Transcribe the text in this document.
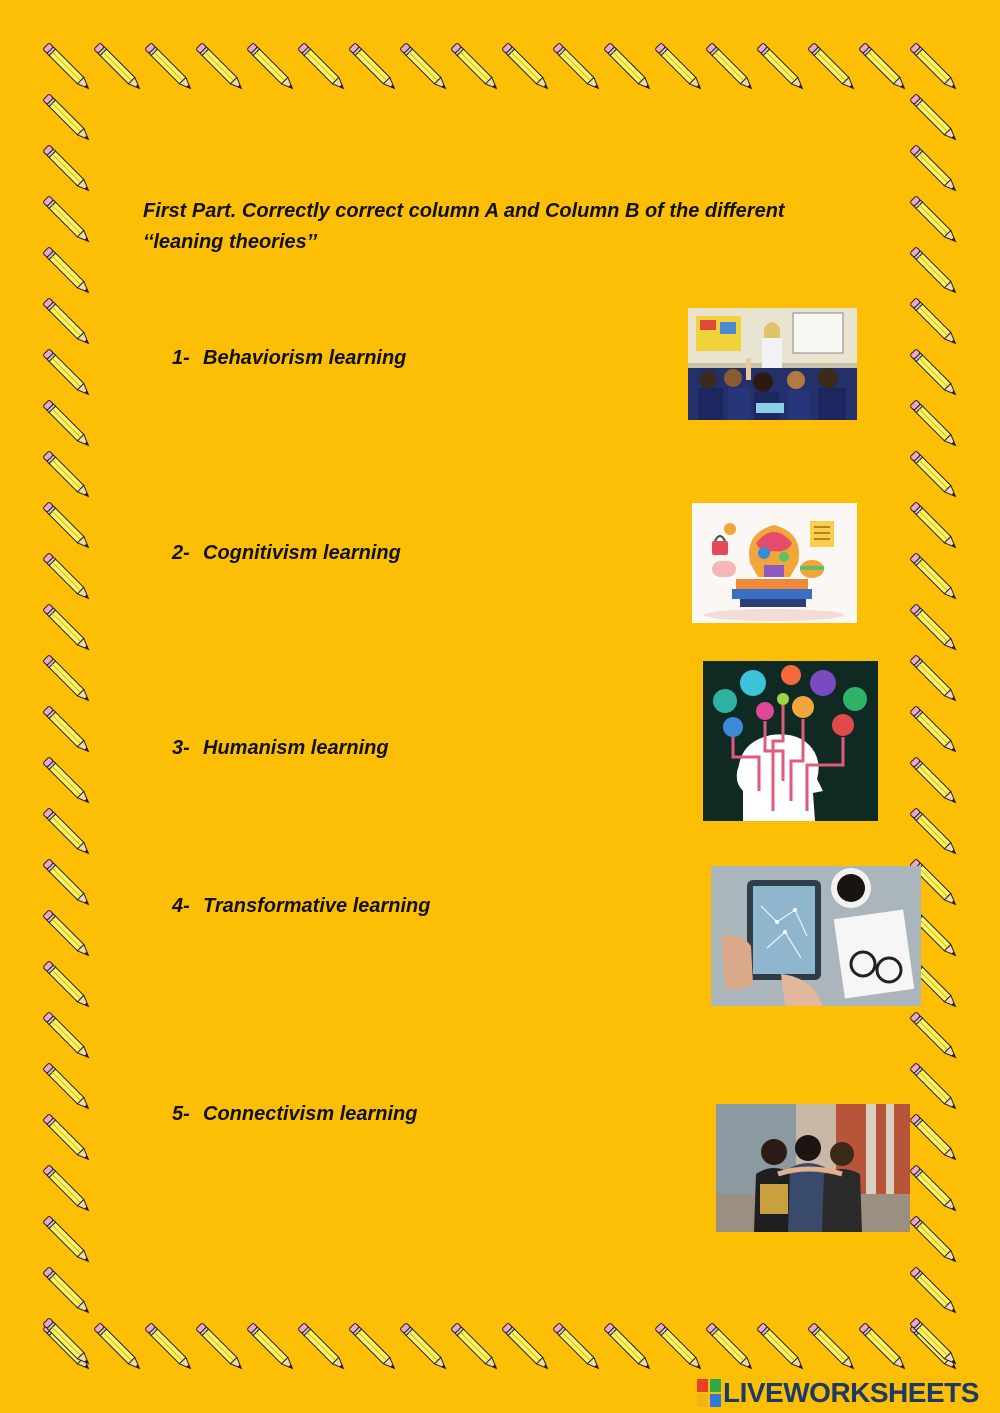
First Part. Correctly correct column A and Column B of the different
‘‘leaning theories’’

1- Behaviorism learning
2- Cognitivism learning
3- Humanism learning
4- Transformative learning
5- Connectivism learning
LIVEWORKSHEETS
